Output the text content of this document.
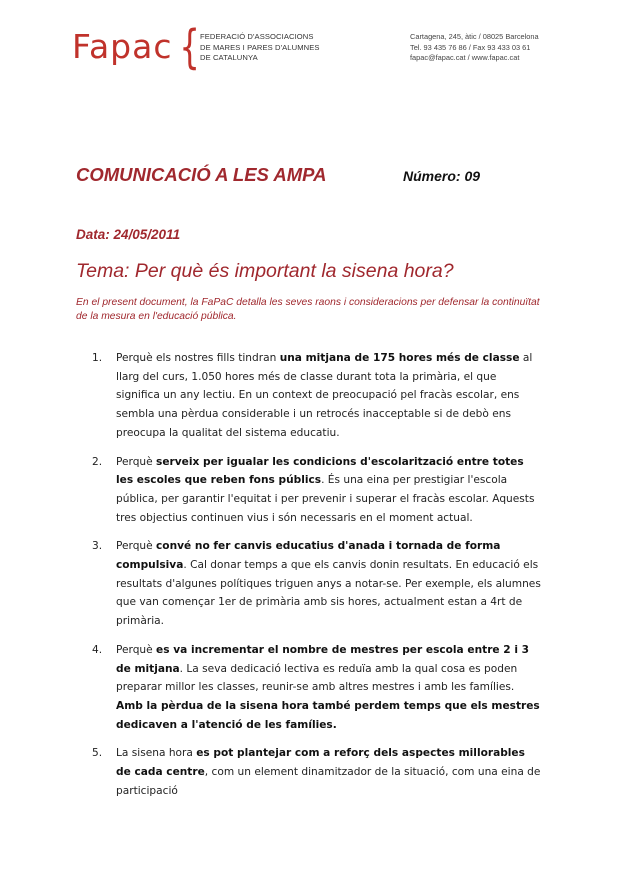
Fapac { FEDERACIÓ D'ASSOCIACIONS
DE MARES I PARES D'ALUMNES
DE CATALUNYA
Cartagena, 245, àtic / 08025 Barcelona
Tel. 93 435 76 86 / Fax 93 433 03 61
fapac@fapac.cat / www.fapac.cat
COMUNICACIÓ A LES AMPA	Número: 09
Data: 24/05/2011
Tema: Per què és important la sisena hora?
En el present document, la FaPaC detalla les seves raons i consideracions per defensar la continuïtat de la mesura en l'educació pública.
1. Perquè els nostres fills tindran una mitjana de 175 hores més de classe al llarg del curs, 1.050 hores més de classe durant tota la primària, el que significa un any lectiu. En un context de preocupació pel fracàs escolar, ens sembla una pèrdua considerable i un retrocés inacceptable si de debò ens preocupa la qualitat del sistema educatiu.
2. Perquè serveix per igualar les condicions d'escolarització entre totes les escoles que reben fons públics. És una eina per prestigiar l'escola pública, per garantir l'equitat i per prevenir i superar el fracàs escolar. Aquests tres objectius continuen vius i són necessaris en el moment actual.
3. Perquè convé no fer canvis educatius d'anada i tornada de forma compulsiva. Cal donar temps a que els canvis donin resultats. En educació els resultats d'algunes polítiques triguen anys a notar-se. Per exemple, els alumnes que van començar 1er de primària amb sis hores, actualment estan a 4rt de primària.
4. Perquè es va incrementar el nombre de mestres per escola entre 2 i 3 de mitjana. La seva dedicació lectiva es reduïa amb la qual cosa es poden preparar millor les classes, reunir-se amb altres mestres i amb les famílies. Amb la pèrdua de la sisena hora també perdem temps que els mestres dedicaven a l'atenció de les famílies.
5. La sisena hora es pot plantejar com a reforç dels aspectes millorables de cada centre, com un element dinamitzador de la situació, com una eina de participació
